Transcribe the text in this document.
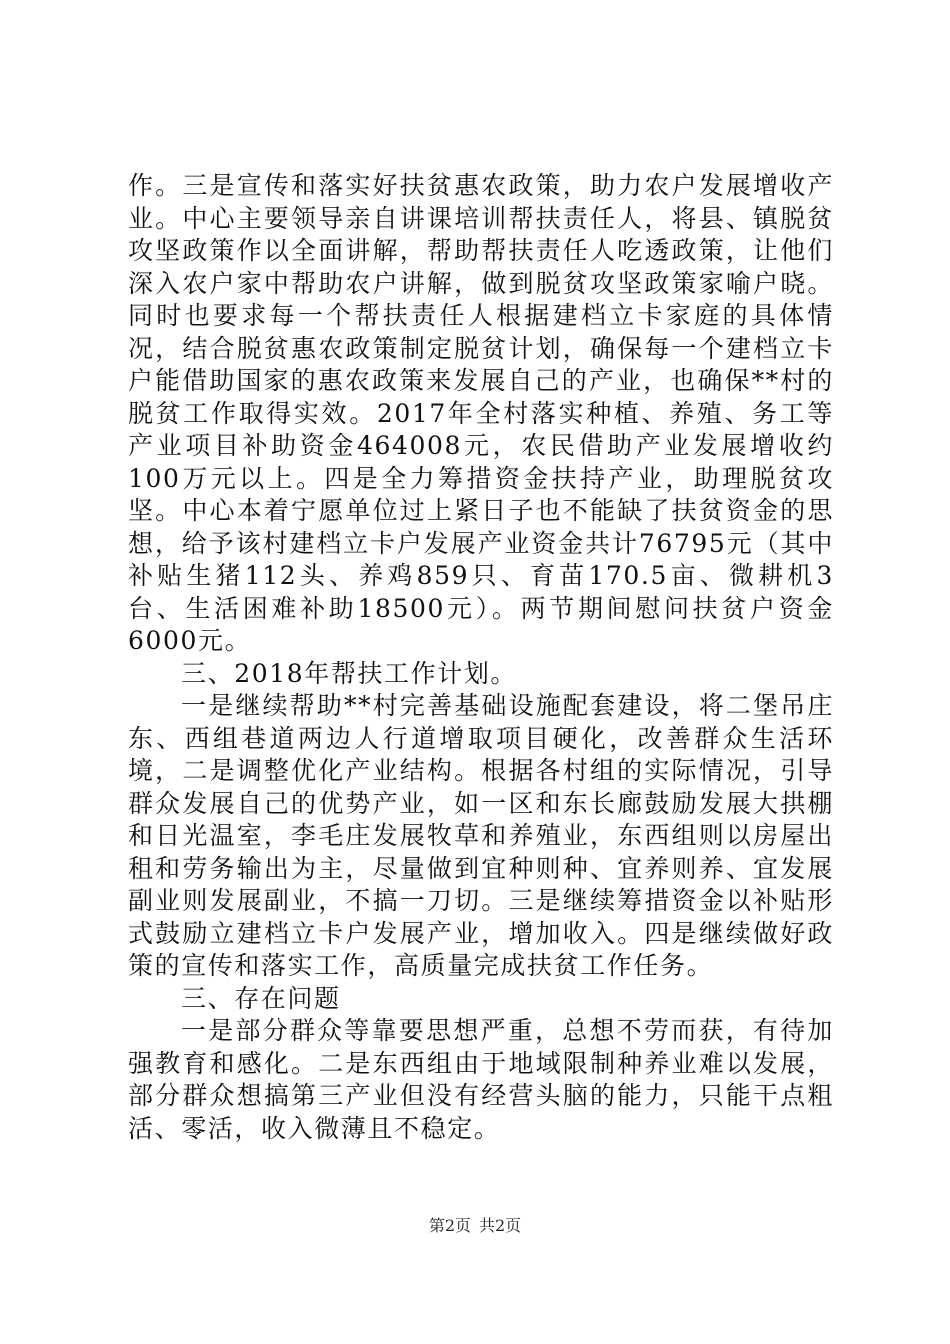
作。三是宣传和落实好扶贫惠农政策，助力农户发展增收产业。中心主要领导亲自讲课培训帮扶责任人，将县、镇脱贫攻坚政策作以全面讲解，帮助帮扶责任人吃透政策，让他们深入农户家中帮助农户讲解，做到脱贫攻坚政策家喻户晓。同时也要求每一个帮扶责任人根据建档立卡家庭的具体情况，结合脱贫惠农政策制定脱贫计划，确保每一个建档立卡户能借助国家的惠农政策来发展自己的产业，也确保**村的脱贫工作取得实效。2017年全村落实种植、养殖、务工等产业项目补助资金464008元，农民借助产业发展增收约100万元以上。四是全力筹措资金扶持产业，助理脱贫攻坚。中心本着宁愿单位过上紧日子也不能缺了扶贫资金的思想，给予该村建档立卡户发展产业资金共计76795元（其中补贴生猪112头、养鸡859只、育苗170.5亩、微耕机3台、生活困难补助18500元）。两节期间慰问扶贫户资金6000元。

三、2018年帮扶工作计划。

一是继续帮助**村完善基础设施配套建设，将二堡吊庄东、西组巷道两边人行道增取项目硬化，改善群众生活环境，二是调整优化产业结构。根据各村组的实际情况，引导群众发展自己的优势产业，如一区和东长廊鼓励发展大拱棚和日光温室，李毛庄发展牧草和养殖业，东西组则以房屋出租和劳务输出为主，尽量做到宜种则种、宜养则养、宜发展副业则发展副业，不搞一刀切。三是继续筹措资金以补贴形式鼓励立建档立卡户发展产业，增加收入。四是继续做好政策的宣传和落实工作，高质量完成扶贫工作任务。

三、存在问题

一是部分群众等靠要思想严重，总想不劳而获，有待加强教育和感化。二是东西组由于地域限制种养业难以发展，部分群众想搞第三产业但没有经营头脑的能力，只能干点粗活、零活，收入微薄且不稳定。

第2页 共2页
